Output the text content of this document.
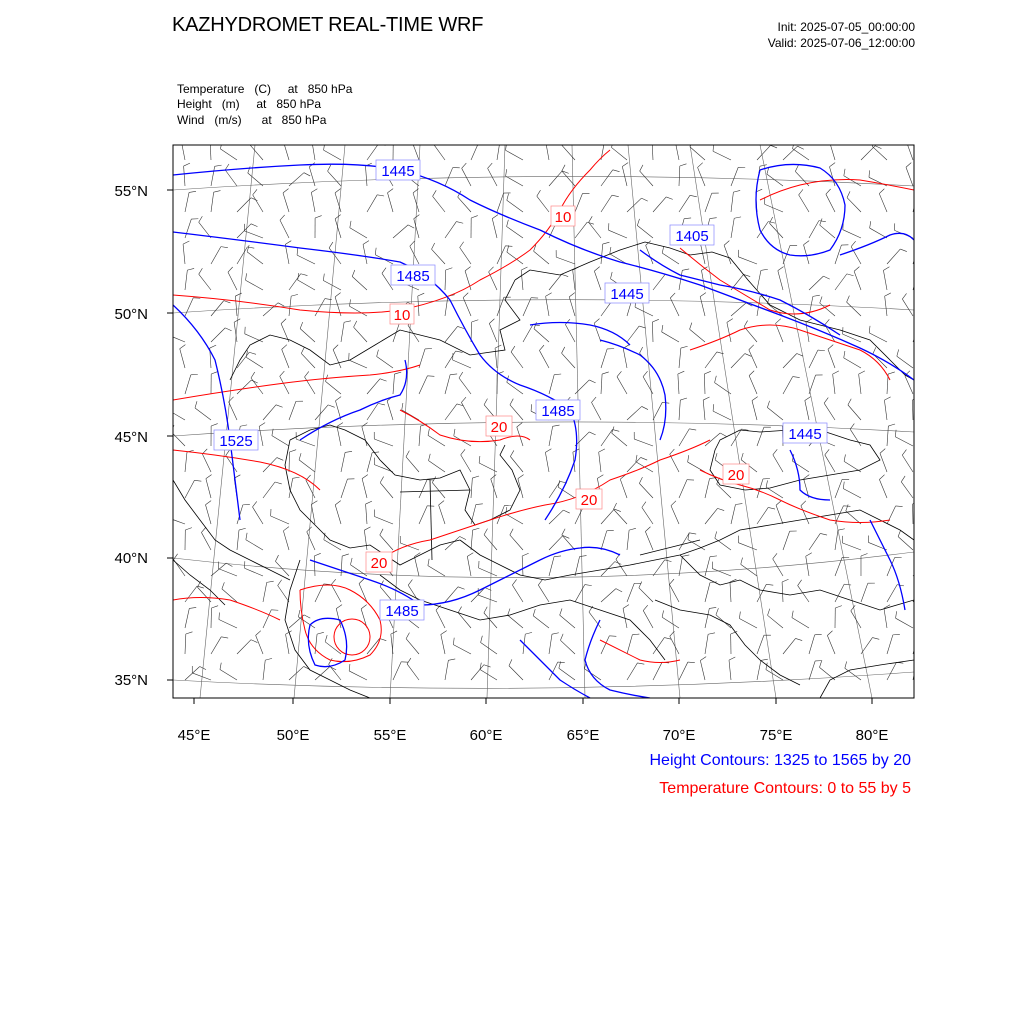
KAZHYDROMET REAL-TIME WRF	Init: 2025-07-05_00:00:00
Valid: 2025-07-06_12:00:00
Temperature   (C)     at   850 hPa
Height   (m)     at   850 hPa
Wind   (m/s)      at   850 hPa
1445
1405
1485
1445
1485
1525	1445
1485
10
10
20
20
20
20
55°N
50°N
45°N
40°N
35°N
45°E	50°E	55°E	60°E	65°E	70°E	75°E	80°E
Height Contours: 1325 to 1565 by 20
Temperature Contours: 0 to 55 by 5
